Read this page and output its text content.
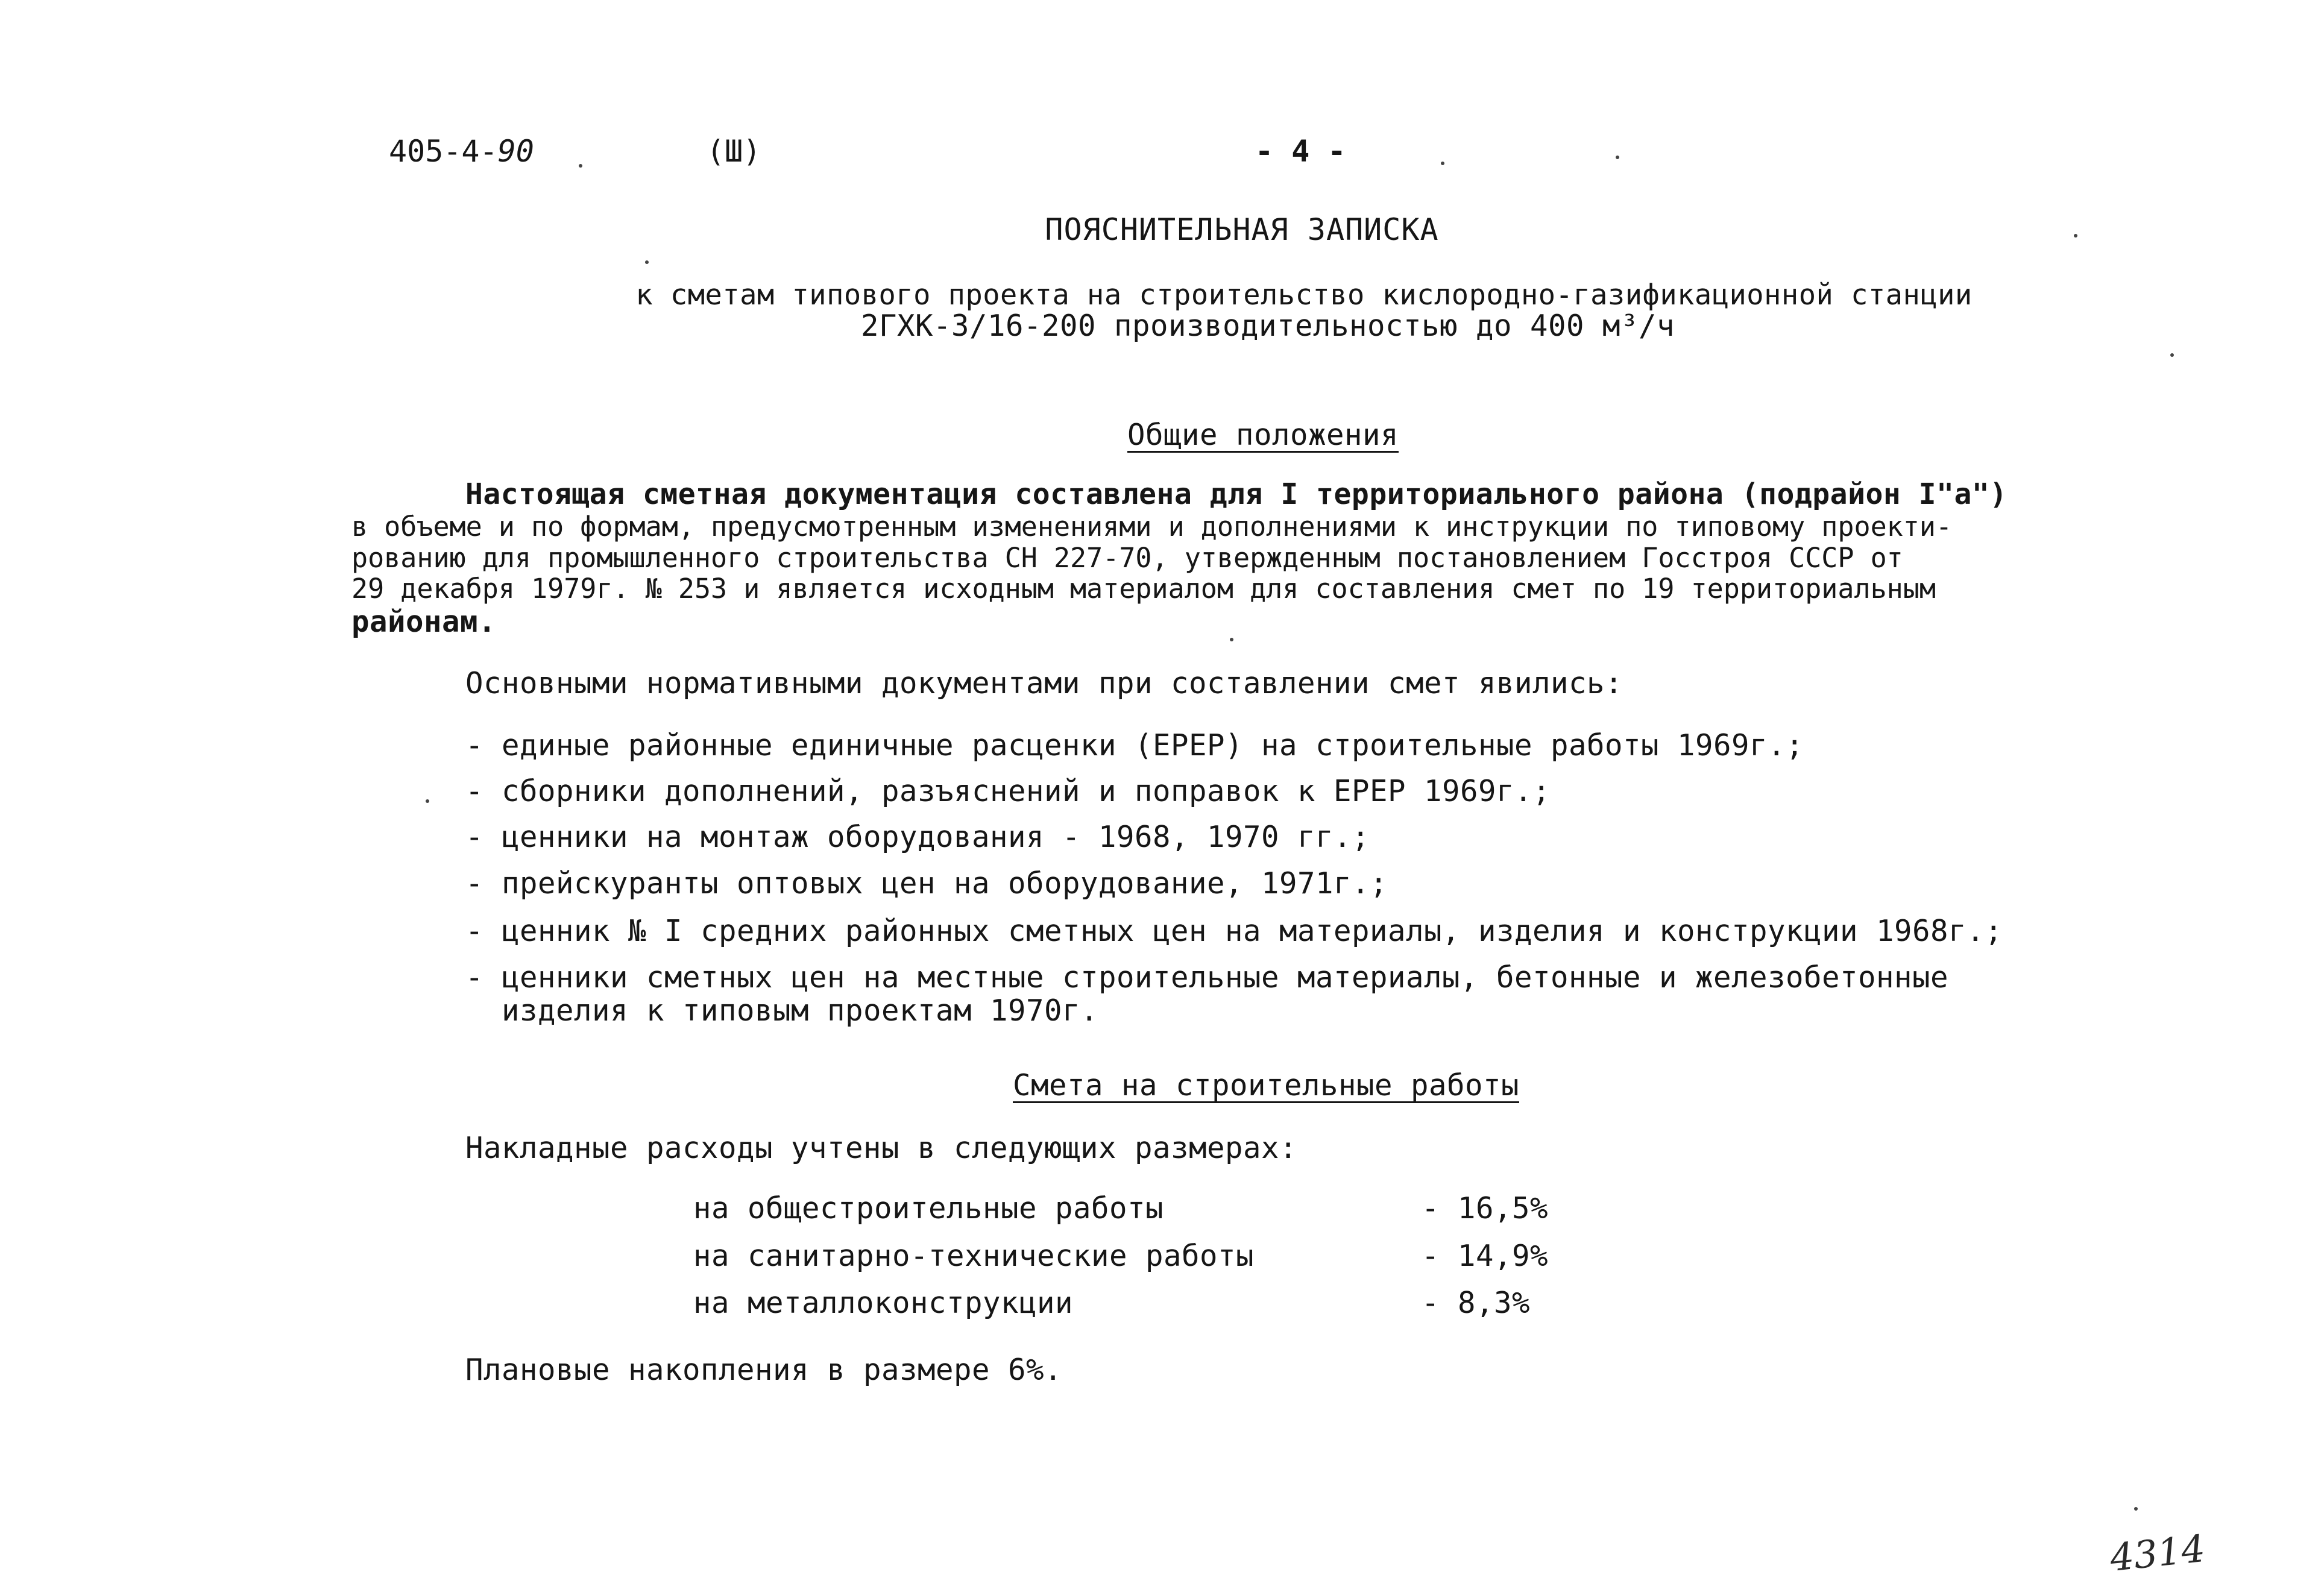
405-4-90	(Ш)	- 4 -
ПОЯСНИТЕЛЬНАЯ ЗАПИСКА
к сметам типового проекта на строительство кислородно-газификационной станции
2ГХК-3/16-200 производительностью до 400 м³/ч
Общие положения
Настоящая сметная документация составлена для I территориального района (подрайон I"а")
в объеме и по формам, предусмотренным изменениями и дополнениями к инструкции по типовому проекти-
рованию для промышленного строительства СН 227-70, утвержденным постановлением Госстроя СССР от
29 декабря 1979г. № 253 и является исходным материалом для составления смет по 19 территориальным
районам.
Основными нормативными документами при составлении смет явились:
- единые районные единичные расценки (ЕРЕР) на строительные работы 1969г.;
- сборники дополнений, разъяснений и поправок к ЕРЕР 1969г.;
- ценники на монтаж оборудования - 1968, 1970 гг.;
- прейскуранты оптовых цен на оборудование, 1971г.;
- ценник № I средних районных сметных цен на материалы, изделия и конструкции 1968г.;
- ценники сметных цен на местные строительные материалы, бетонные и железобетонные
изделия к типовым проектам 1970г.
Смета на строительные работы
Накладные расходы учтены в следующих размерах:
на общестроительные работы	- 16,5%
на санитарно-технические работы	- 14,9%
на металлоконструкции	- 8,3%
Плановые накопления в размере 6%.
4314
